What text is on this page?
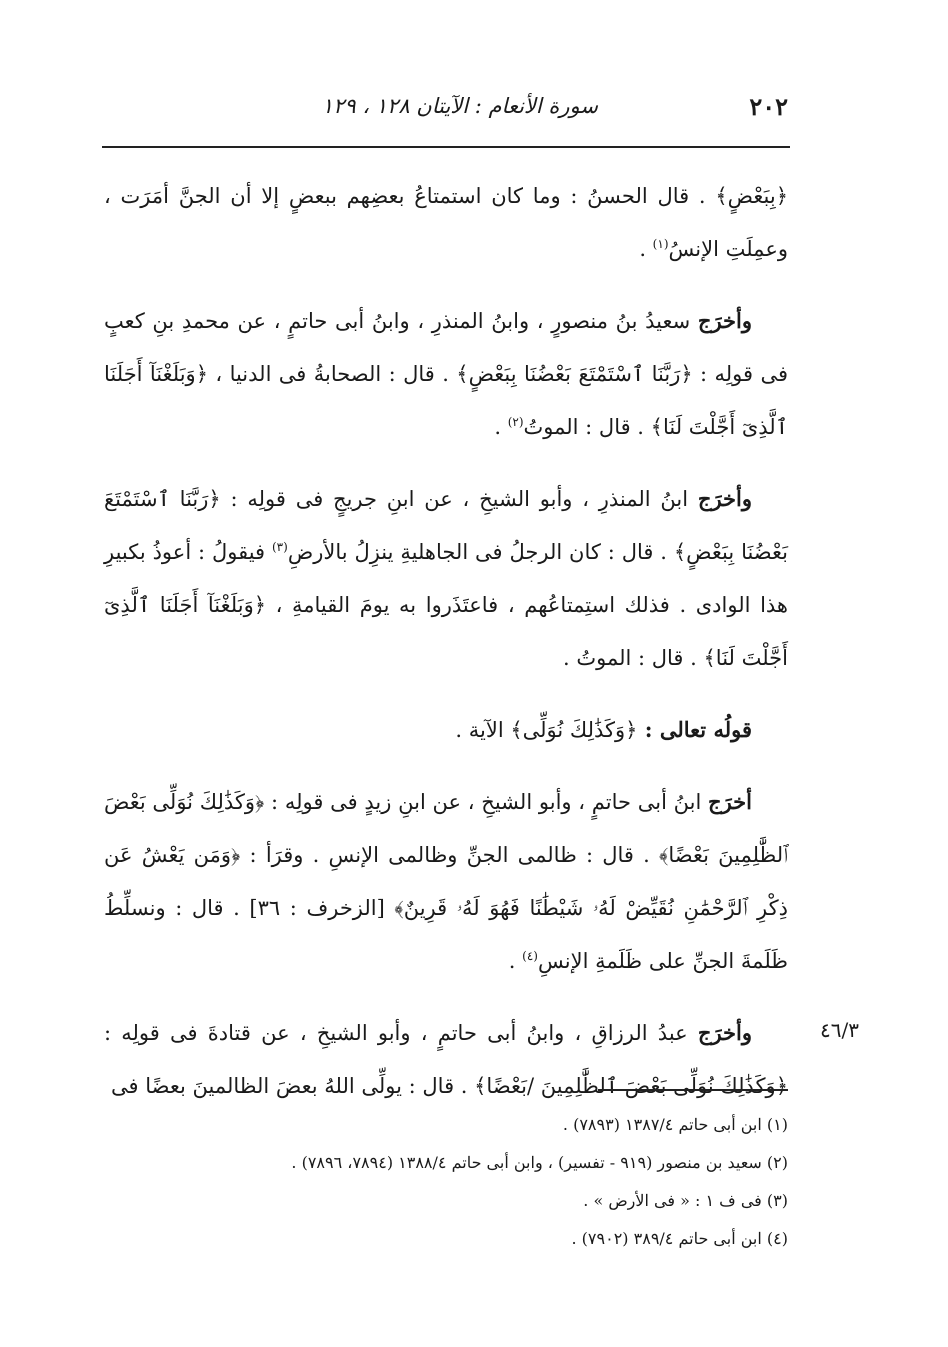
٢٠٢
سورة الأنعام : الآيتان ١٢٨ ، ١٢٩

﴿بِبَعْضٍ﴾ . قال الحسنُ : وما كان استمتاعُ بعضِهم ببعضٍ إلا أن الجنَّ أمَرَت ، وعمِلَتِ الإنسُ$^{(١)}$ .

وأخرَج سعيدُ بنُ منصورٍ ، وابنُ المنذرِ ، وابنُ أبى حاتمٍ ، عن محمدِ بنِ كعبٍ فى قولِه : ﴿رَبَّنَا ٱسْتَمْتَعَ بَعْضُنَا بِبَعْضٍ﴾ . قال : الصحابةُ فى الدنيا ، ﴿وَبَلَغْنَآ أَجَلَنَا ٱلَّذِىٓ أَجَّلْتَ لَنَا﴾ . قال : الموتُ$^{(٢)}$ .

وأخرَج ابنُ المنذرِ ، وأبو الشيخِ ، عن ابنِ جريجٍ فى قولِه : ﴿رَبَّنَا ٱسْتَمْتَعَ بَعْضُنَا بِبَعْضٍ﴾ . قال : كان الرجلُ فى الجاهليةِ ينزِلُ بالأرضِ$^{(٣)}$ فيقولُ : أعوذُ بكبيرِ هذا الوادى . فذلك استِمتاعُهم ، فاعتَذَروا به يومَ القيامةِ ، ﴿وَبَلَغْنَآ أَجَلَنَا ٱلَّذِىٓ أَجَّلْتَ لَنَا﴾ . قال : الموتُ .

قولُه تعالى : ﴿وَكَذَٰلِكَ نُوَلِّى﴾ الآية .

أخرَج ابنُ أبى حاتمٍ ، وأبو الشيخِ ، عن ابنِ زيدٍ فى قولِه : ﴿وَكَذَٰلِكَ نُوَلِّى بَعْضَ ٱلظَّٰلِمِينَ بَعْضًا﴾ . قال : ظالمى الجنِّ وظالمى الإنسِ . وقرَأ : ﴿وَمَن يَعْشُ عَن ذِكْرِ ٱلرَّحْمَٰنِ نُقَيِّضْ لَهُۥ شَيْطَٰنًا فَهُوَ لَهُۥ قَرِينٌ﴾ [الزخرف : ٣٦] . قال : ونسلِّطُ ظَلَمةَ الجنِّ على ظَلَمةِ الإنسِ$^{(٤)}$ .

وأخرَج عبدُ الرزاقِ ، وابنُ أبى حاتمٍ ، وأبو الشيخِ ، عن قتادةَ فى قولِه : ﴿وَكَذَٰلِكَ نُوَلِّى بَعْضَ ٱلظَّٰلِمِينَ /بَعْضًا﴾ . قال : يولِّى اللهُ بعضَ الظالمينَ بعضًا فى

٤٦/٣

(١) ابن أبى حاتم ١٣٨٧/٤ (٧٨٩٣) .

(٢) سعيد بن منصور (٩١٩ - تفسير) ، وابن أبى حاتم ١٣٨٨/٤ (٧٨٩٤، ٧٨٩٦) .

(٣) فى ف ١ : « فى الأرض » .

(٤) ابن أبى حاتم ٣٨٩/٤ (٧٩٠٢) .
